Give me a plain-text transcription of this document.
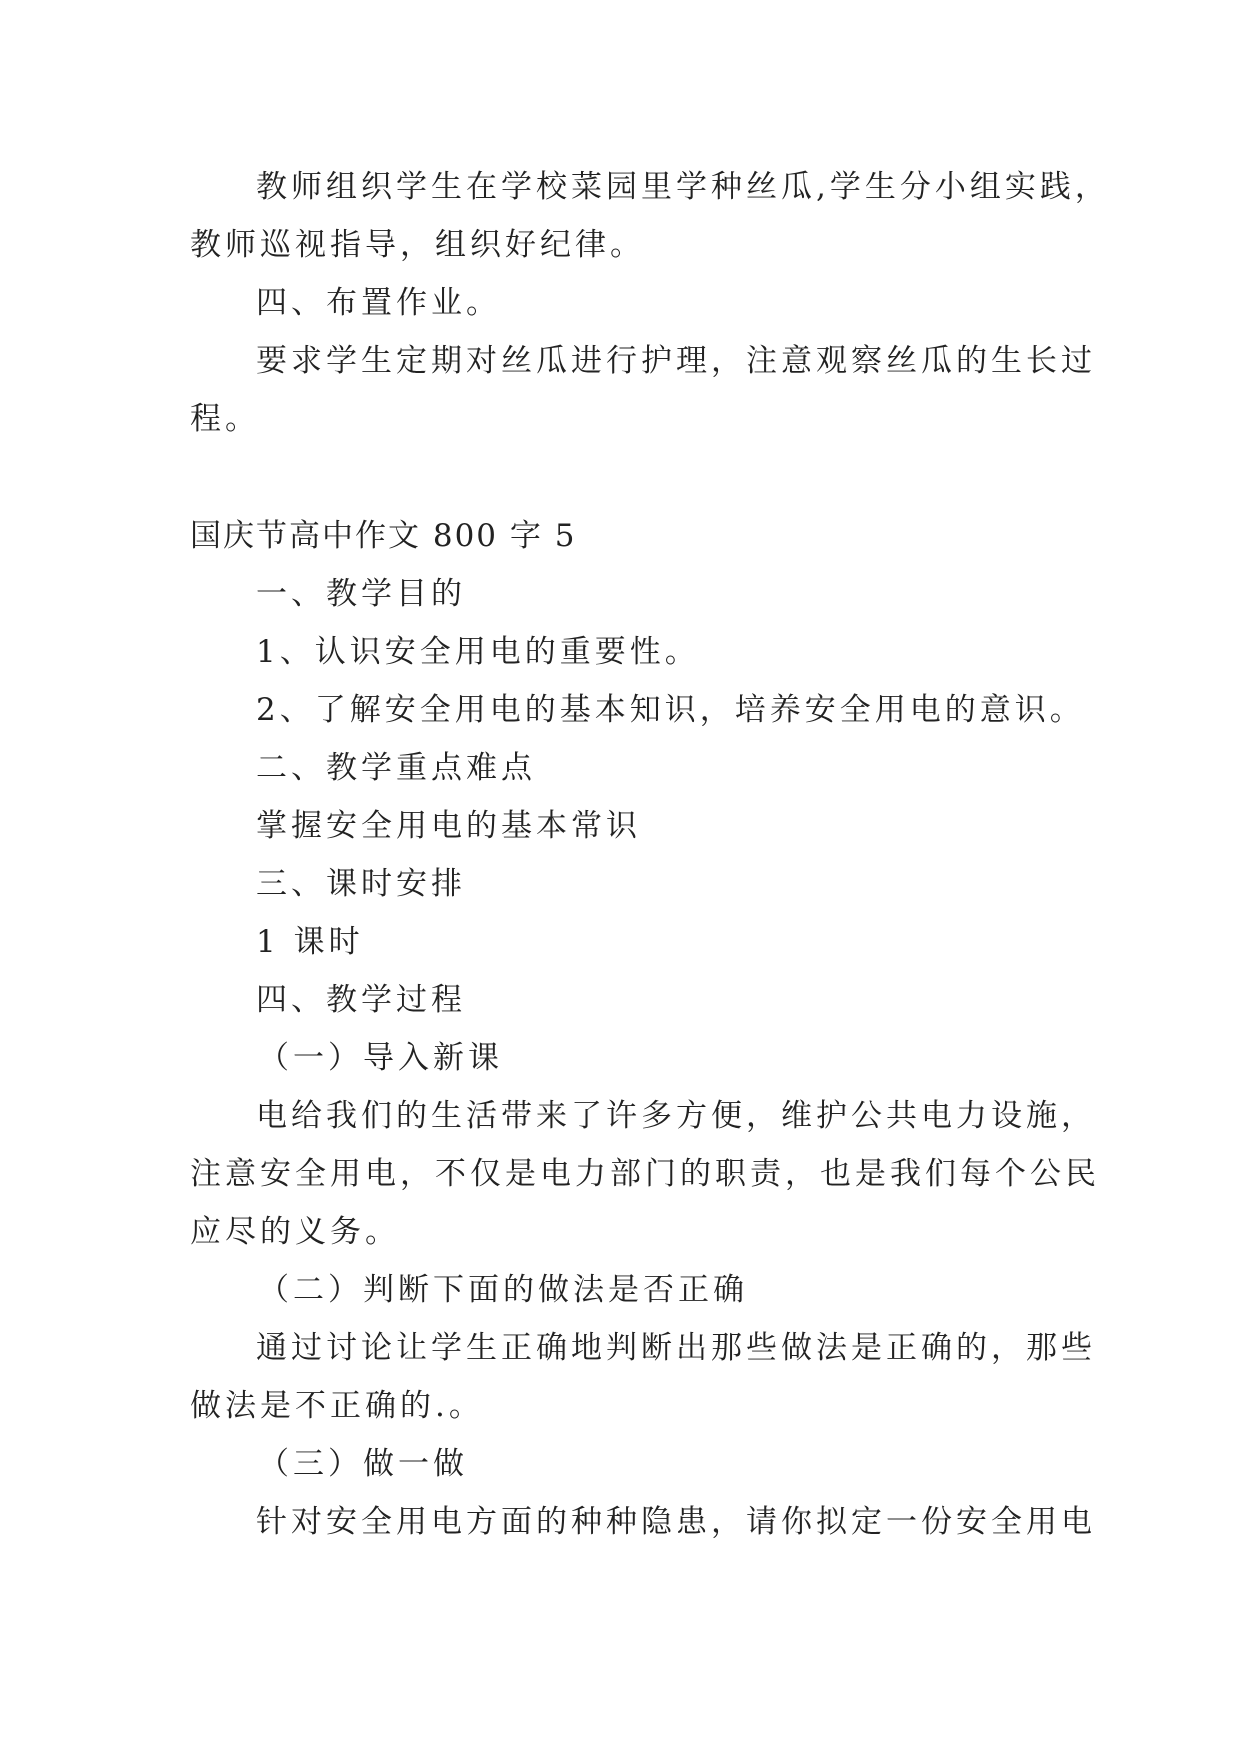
教师组织学生在学校菜园里学种丝瓜,学生分小组实践，
教师巡视指导，组织好纪律。
四、布置作业。
要求学生定期对丝瓜进行护理，注意观察丝瓜的生长过
程。
国庆节高中作文 800 字 5
一、教学目的
1、认识安全用电的重要性。
2、了解安全用电的基本知识，培养安全用电的意识。
二、教学重点难点
掌握安全用电的基本常识
三、课时安排
1 课时
四、教学过程
（一）导入新课
电给我们的生活带来了许多方便，维护公共电力设施，
注意安全用电，不仅是电力部门的职责，也是我们每个公民
应尽的义务。
（二）判断下面的做法是否正确
通过讨论让学生正确地判断出那些做法是正确的，那些
做法是不正确的.。
（三）做一做
针对安全用电方面的种种隐患，请你拟定一份安全用电
